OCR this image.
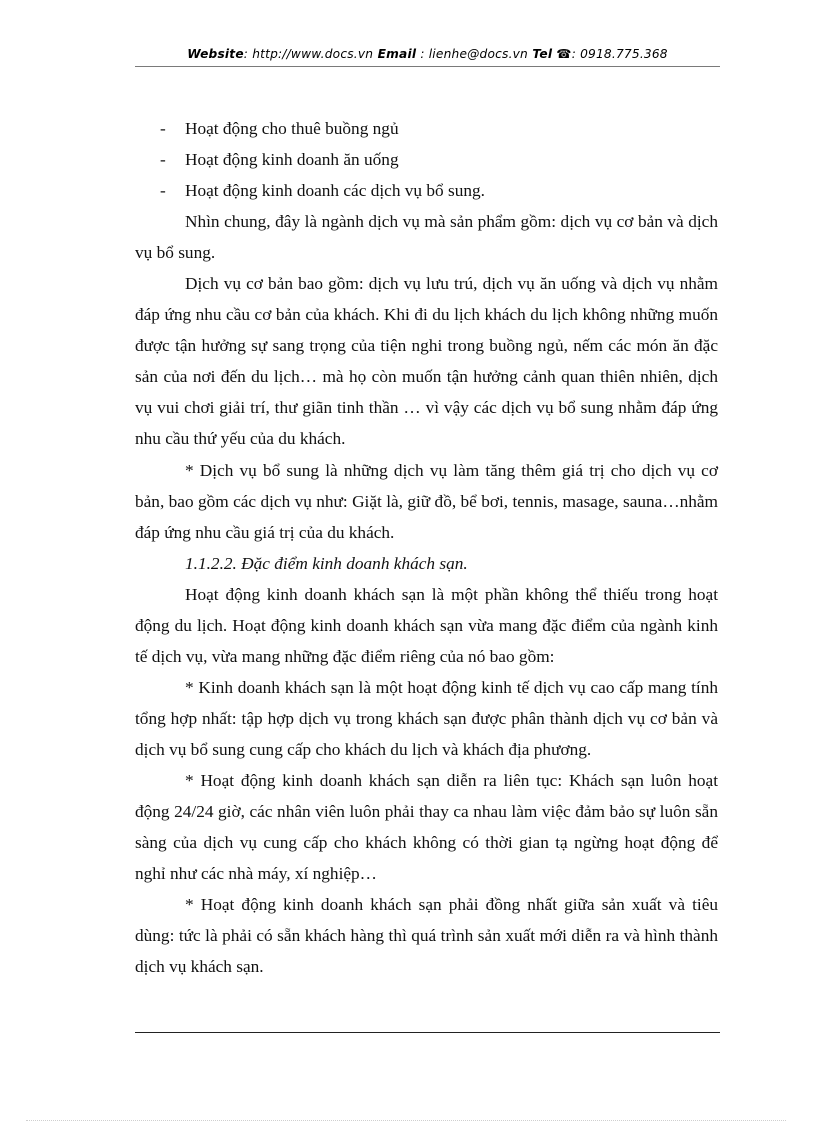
Website: http://www.docs.vn Email : lienhe@docs.vn Tel ☎: 0918.775.368
- Hoạt động cho thuê buồng ngủ
- Hoạt động kinh doanh ăn uống
- Hoạt động kinh doanh các dịch vụ bổ sung.

Nhìn chung, đây là ngành dịch vụ mà sản phẩm gồm: dịch vụ cơ bản và dịch vụ bổ sung.

Dịch vụ cơ bản bao gồm: dịch vụ lưu trú, dịch vụ ăn uống và dịch vụ nhằm đáp ứng nhu cầu cơ bản của khách. Khi đi du lịch khách du lịch không những muốn được tận hưởng sự sang trọng của tiện nghi trong buồng ngủ, nếm các món ăn đặc sản của nơi đến du lịch… mà họ còn muốn tận hưởng cảnh quan thiên nhiên, dịch vụ vui chơi giải trí, thư giãn tinh thần … vì vậy các dịch vụ bổ sung nhằm đáp ứng nhu cầu thứ yếu của du khách.

* Dịch vụ bổ sung là những dịch vụ làm tăng thêm giá trị cho dịch vụ cơ bản, bao gồm các dịch vụ như: Giặt là, giữ đồ, bể bơi, tennis, masage, sauna…nhằm đáp ứng nhu cầu giá trị của du khách.

1.1.2.2. Đặc điểm kinh doanh khách sạn.

Hoạt động kinh doanh khách sạn là một phần không thể thiếu trong hoạt động du lịch. Hoạt động kinh doanh khách sạn vừa mang đặc điểm của ngành kinh tế dịch vụ, vừa mang những đặc điểm riêng của nó bao gồm:

* Kinh doanh khách sạn là một hoạt động kinh tế dịch vụ cao cấp mang tính tổng hợp nhất: tập hợp dịch vụ trong khách sạn được phân thành dịch vụ cơ bản và dịch vụ bổ sung cung cấp cho khách du lịch và khách địa phương.

* Hoạt động kinh doanh khách sạn diễn ra liên tục: Khách sạn luôn hoạt động 24/24 giờ, các nhân viên luôn phải thay ca nhau làm việc đảm bảo sự luôn sẵn sàng của dịch vụ cung cấp cho khách không có thời gian tạ ngừng hoạt động để nghỉ như các nhà máy, xí nghiệp…

* Hoạt động kinh doanh khách sạn phải đồng nhất giữa sản xuất và tiêu dùng: tức là phải có sẵn khách hàng thì quá trình sản xuất mới diễn ra và hình thành dịch vụ khách sạn.
